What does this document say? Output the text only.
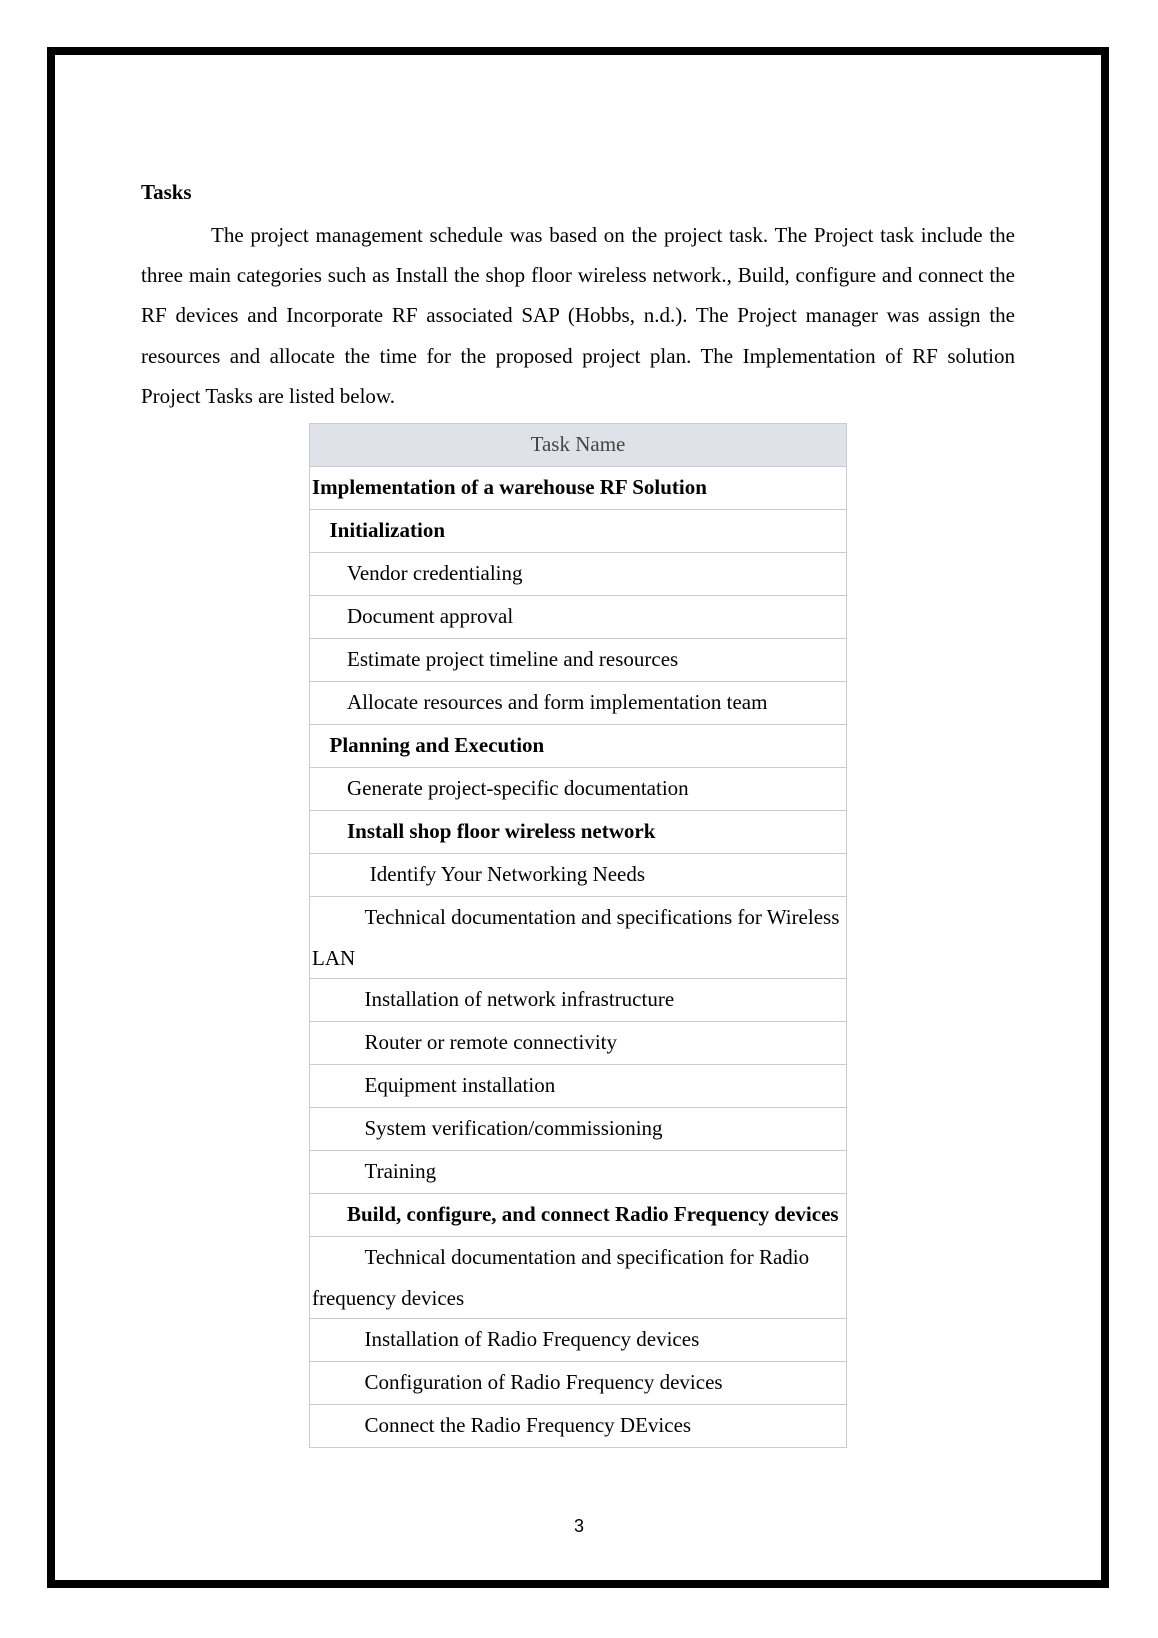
Tasks

The project management schedule was based on the project task. The Project task include the three main categories such as Install the shop floor wireless network., Build, configure and connect the RF devices and Incorporate RF associated SAP (Hobbs, n.d.). The Project manager was assign the resources and allocate the time for the proposed project plan. The Implementation of RF solution Project Tasks are listed below.

Task Name
Implementation of a warehouse RF Solution
Initialization
Vendor credentialing
Document approval
Estimate project timeline and resources
Allocate resources and form implementation team
Planning and Execution
Generate project-specific documentation
Install shop floor wireless network
Identify Your Networking Needs
Technical documentation and specifications for Wireless LAN
Installation of network infrastructure
Router or remote connectivity
Equipment installation
System verification/commissioning
Training
Build, configure, and connect Radio Frequency devices
Technical documentation and specification for Radio frequency devices
Installation of Radio Frequency devices
Configuration of Radio Frequency devices
Connect the Radio Frequency DEvices
3
